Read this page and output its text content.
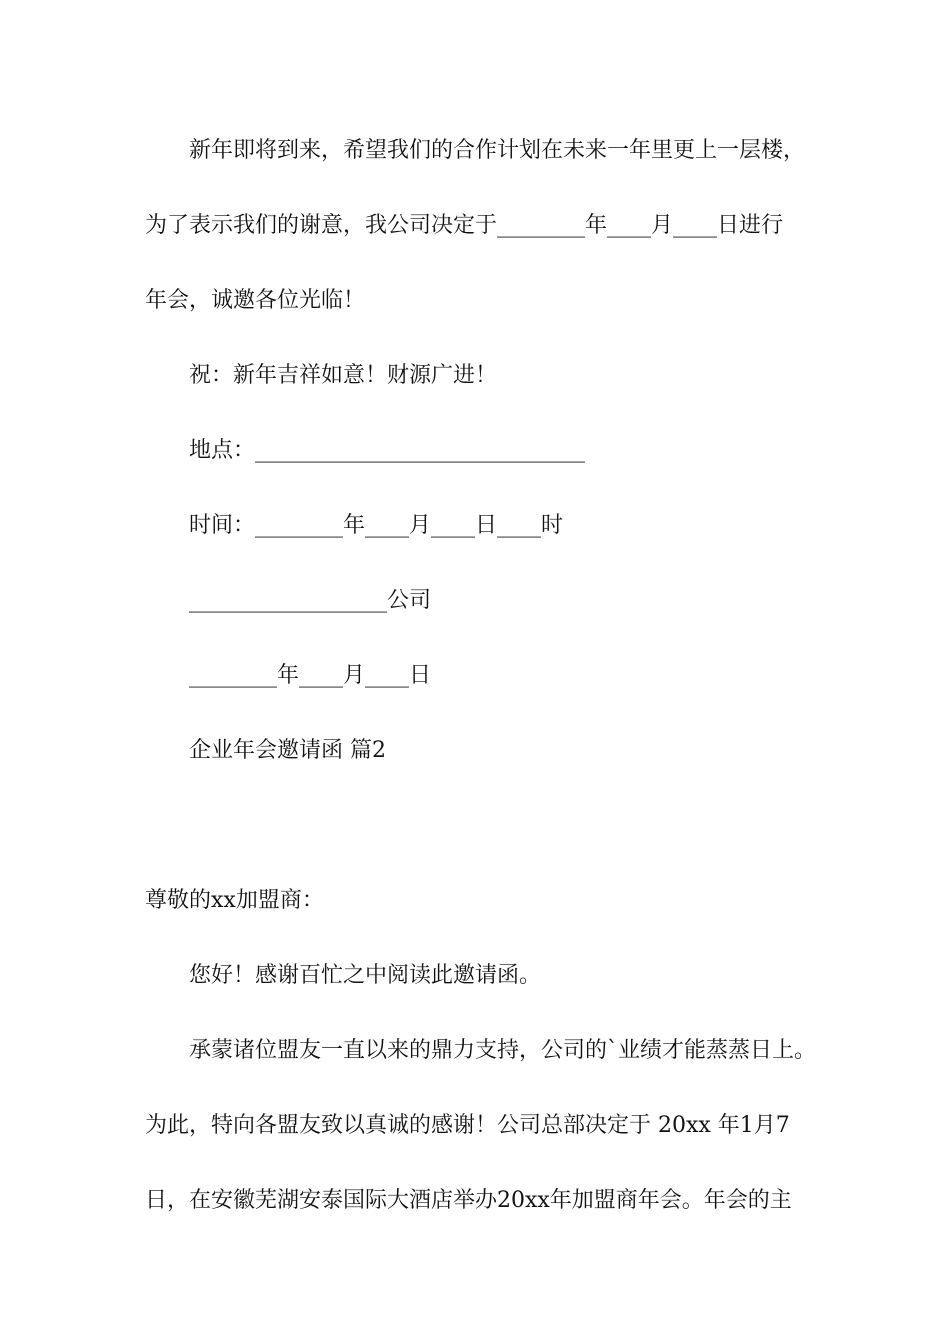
新年即将到来，希望我们的合作计划在未来一年里更上一层楼，
为了表示我们的谢意，我公司决定于________年____月____日进行
年会，诚邀各位光临！
祝：新年吉祥如意！财源广进！
地点：______________________________
时间：________年____月____日____时
__________________公司
________年____月____日
企业年会邀请函 篇2
尊敬的xx加盟商：
您好！感谢百忙之中阅读此邀请函。
承蒙诸位盟友一直以来的鼎力支持，公司的`业绩才能蒸蒸日上。
为此，特向各盟友致以真诚的感谢！公司总部决定于 20xx 年1月7
日，在安徽芜湖安泰国际大酒店举办20xx年加盟商年会。年会的主
